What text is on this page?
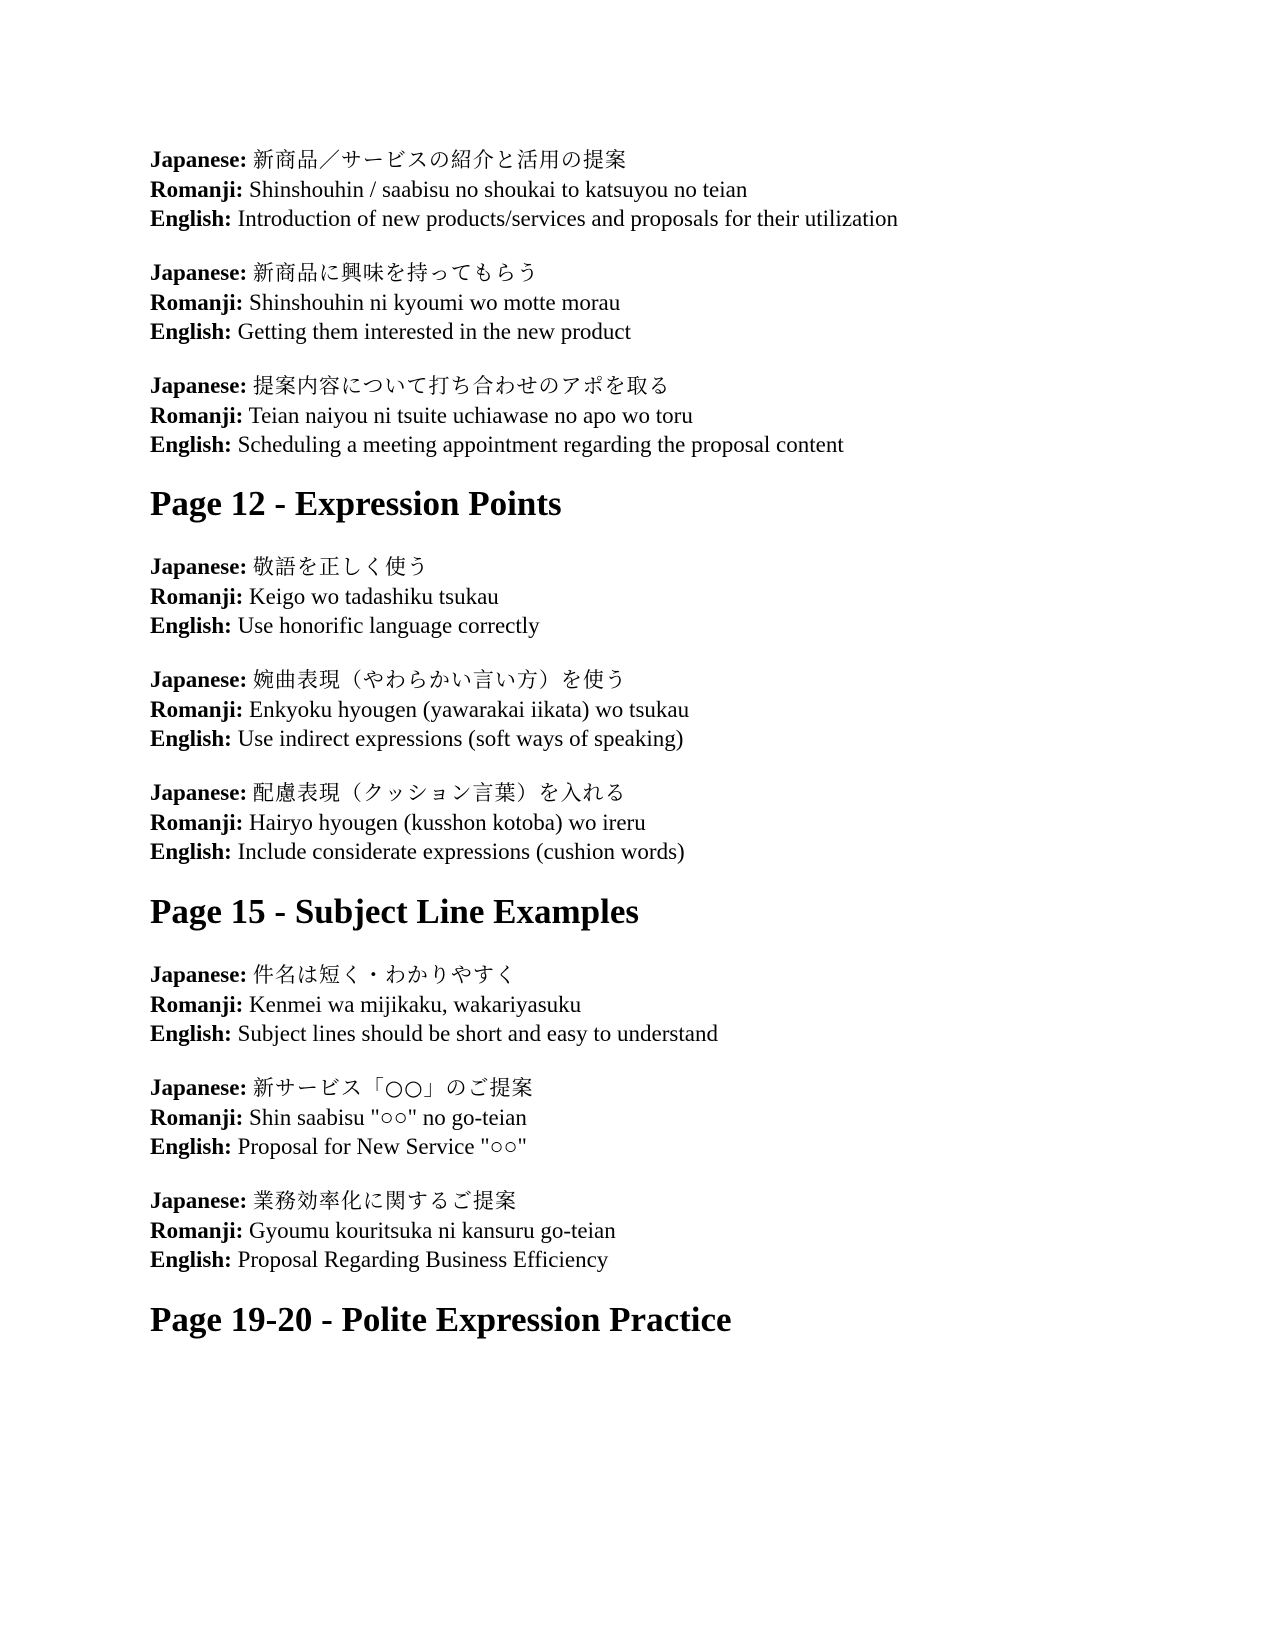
Japanese: 新商品／サービスの紹介と活用の提案
Romanji: Shinshouhin / saabisu no shoukai to katsuyou no teian
English: Introduction of new products/services and proposals for their utilization
Japanese: 新商品に興味を持ってもらう
Romanji: Shinshouhin ni kyoumi wo motte morau
English: Getting them interested in the new product
Japanese: 提案内容について打ち合わせのアポを取る
Romanji: Teian naiyou ni tsuite uchiawase no apo wo toru
English: Scheduling a meeting appointment regarding the proposal content
Page 12 - Expression Points
Japanese: 敬語を正しく使う
Romanji: Keigo wo tadashiku tsukau
English: Use honorific language correctly
Japanese: 婉曲表現（やわらかい言い方）を使う
Romanji: Enkyoku hyougen (yawarakai iikata) wo tsukau
English: Use indirect expressions (soft ways of speaking)
Japanese: 配慮表現（クッション言葉）を入れる
Romanji: Hairyo hyougen (kusshon kotoba) wo ireru
English: Include considerate expressions (cushion words)
Page 15 - Subject Line Examples
Japanese: 件名は短く・わかりやすく
Romanji: Kenmei wa mijikaku, wakariyasuku
English: Subject lines should be short and easy to understand
Japanese: 新サービス「○○」のご提案
Romanji: Shin saabisu "○○" no go-teian
English: Proposal for New Service "○○"
Japanese: 業務効率化に関するご提案
Romanji: Gyoumu kouritsuka ni kansuru go-teian
English: Proposal Regarding Business Efficiency
Page 19-20 - Polite Expression Practice
